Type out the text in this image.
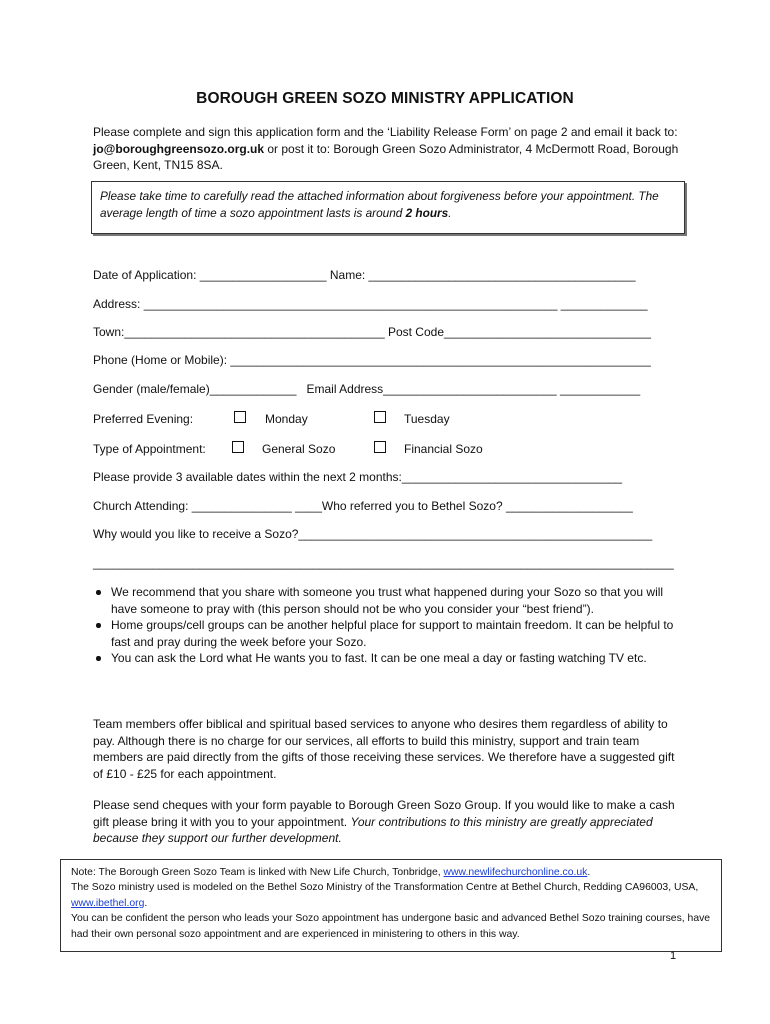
BOROUGH GREEN SOZO MINISTRY APPLICATION
Please complete and sign this application form and the ‘Liability Release Form’ on page 2 and email it back to: jo@boroughgreensozo.org.uk or post it to: Borough Green Sozo Administrator, 4 McDermott Road, Borough Green, Kent, TN15 8SA.
Please take time to carefully read the attached information about forgiveness before your appointment. The average length of time a sozo appointment lasts is around 2 hours.
Date of Application: ___________________ Name: ________________________________________
Address: ______________________________________________________________ _____________
Town:_______________________________________ Post Code_______________________________
Phone (Home or Mobile): _______________________________________________________________
Gender (male/female)_____________   Email Address__________________________ ____________
Preferred Evening:	Monday	Tuesday
Type of Appointment:	General Sozo	Financial Sozo
Please provide 3 available dates within the next 2 months:_________________________________
Church Attending: _______________ ____Who referred you to Bethel Sozo? ___________________
Why would you like to receive a Sozo?_____________________________________________________
_______________________________________________________________________________________
We recommend that you share with someone you trust what happened during your Sozo so that you will have someone to pray with (this person should not be who you consider your “best friend”).
Home groups/cell groups can be another helpful place for support to maintain freedom. It can be helpful to fast and pray during the week before your Sozo.
You can ask the Lord what He wants you to fast. It can be one meal a day or fasting watching TV etc.
Team members offer biblical and spiritual based services to anyone who desires them regardless of ability to pay. Although there is no charge for our services, all efforts to build this ministry, support and train team members are paid directly from the gifts of those receiving these services. We therefore have a suggested gift of £10 - £25 for each appointment.
Please send cheques with your form payable to Borough Green Sozo Group. If you would like to make a cash gift please bring it with you to your appointment. Your contributions to this ministry are greatly appreciated because they support our further development.
Note: The Borough Green Sozo Team is linked with New Life Church, Tonbridge, www.newlifechurchonline.co.uk.
The Sozo ministry used is modeled on the Bethel Sozo Ministry of the Transformation Centre at Bethel Church, Redding CA96003, USA, www.ibethel.org.
You can be confident the person who leads your Sozo appointment has undergone basic and advanced Bethel Sozo training courses, have had their own personal sozo appointment and are experienced in ministering to others in this way.
1
